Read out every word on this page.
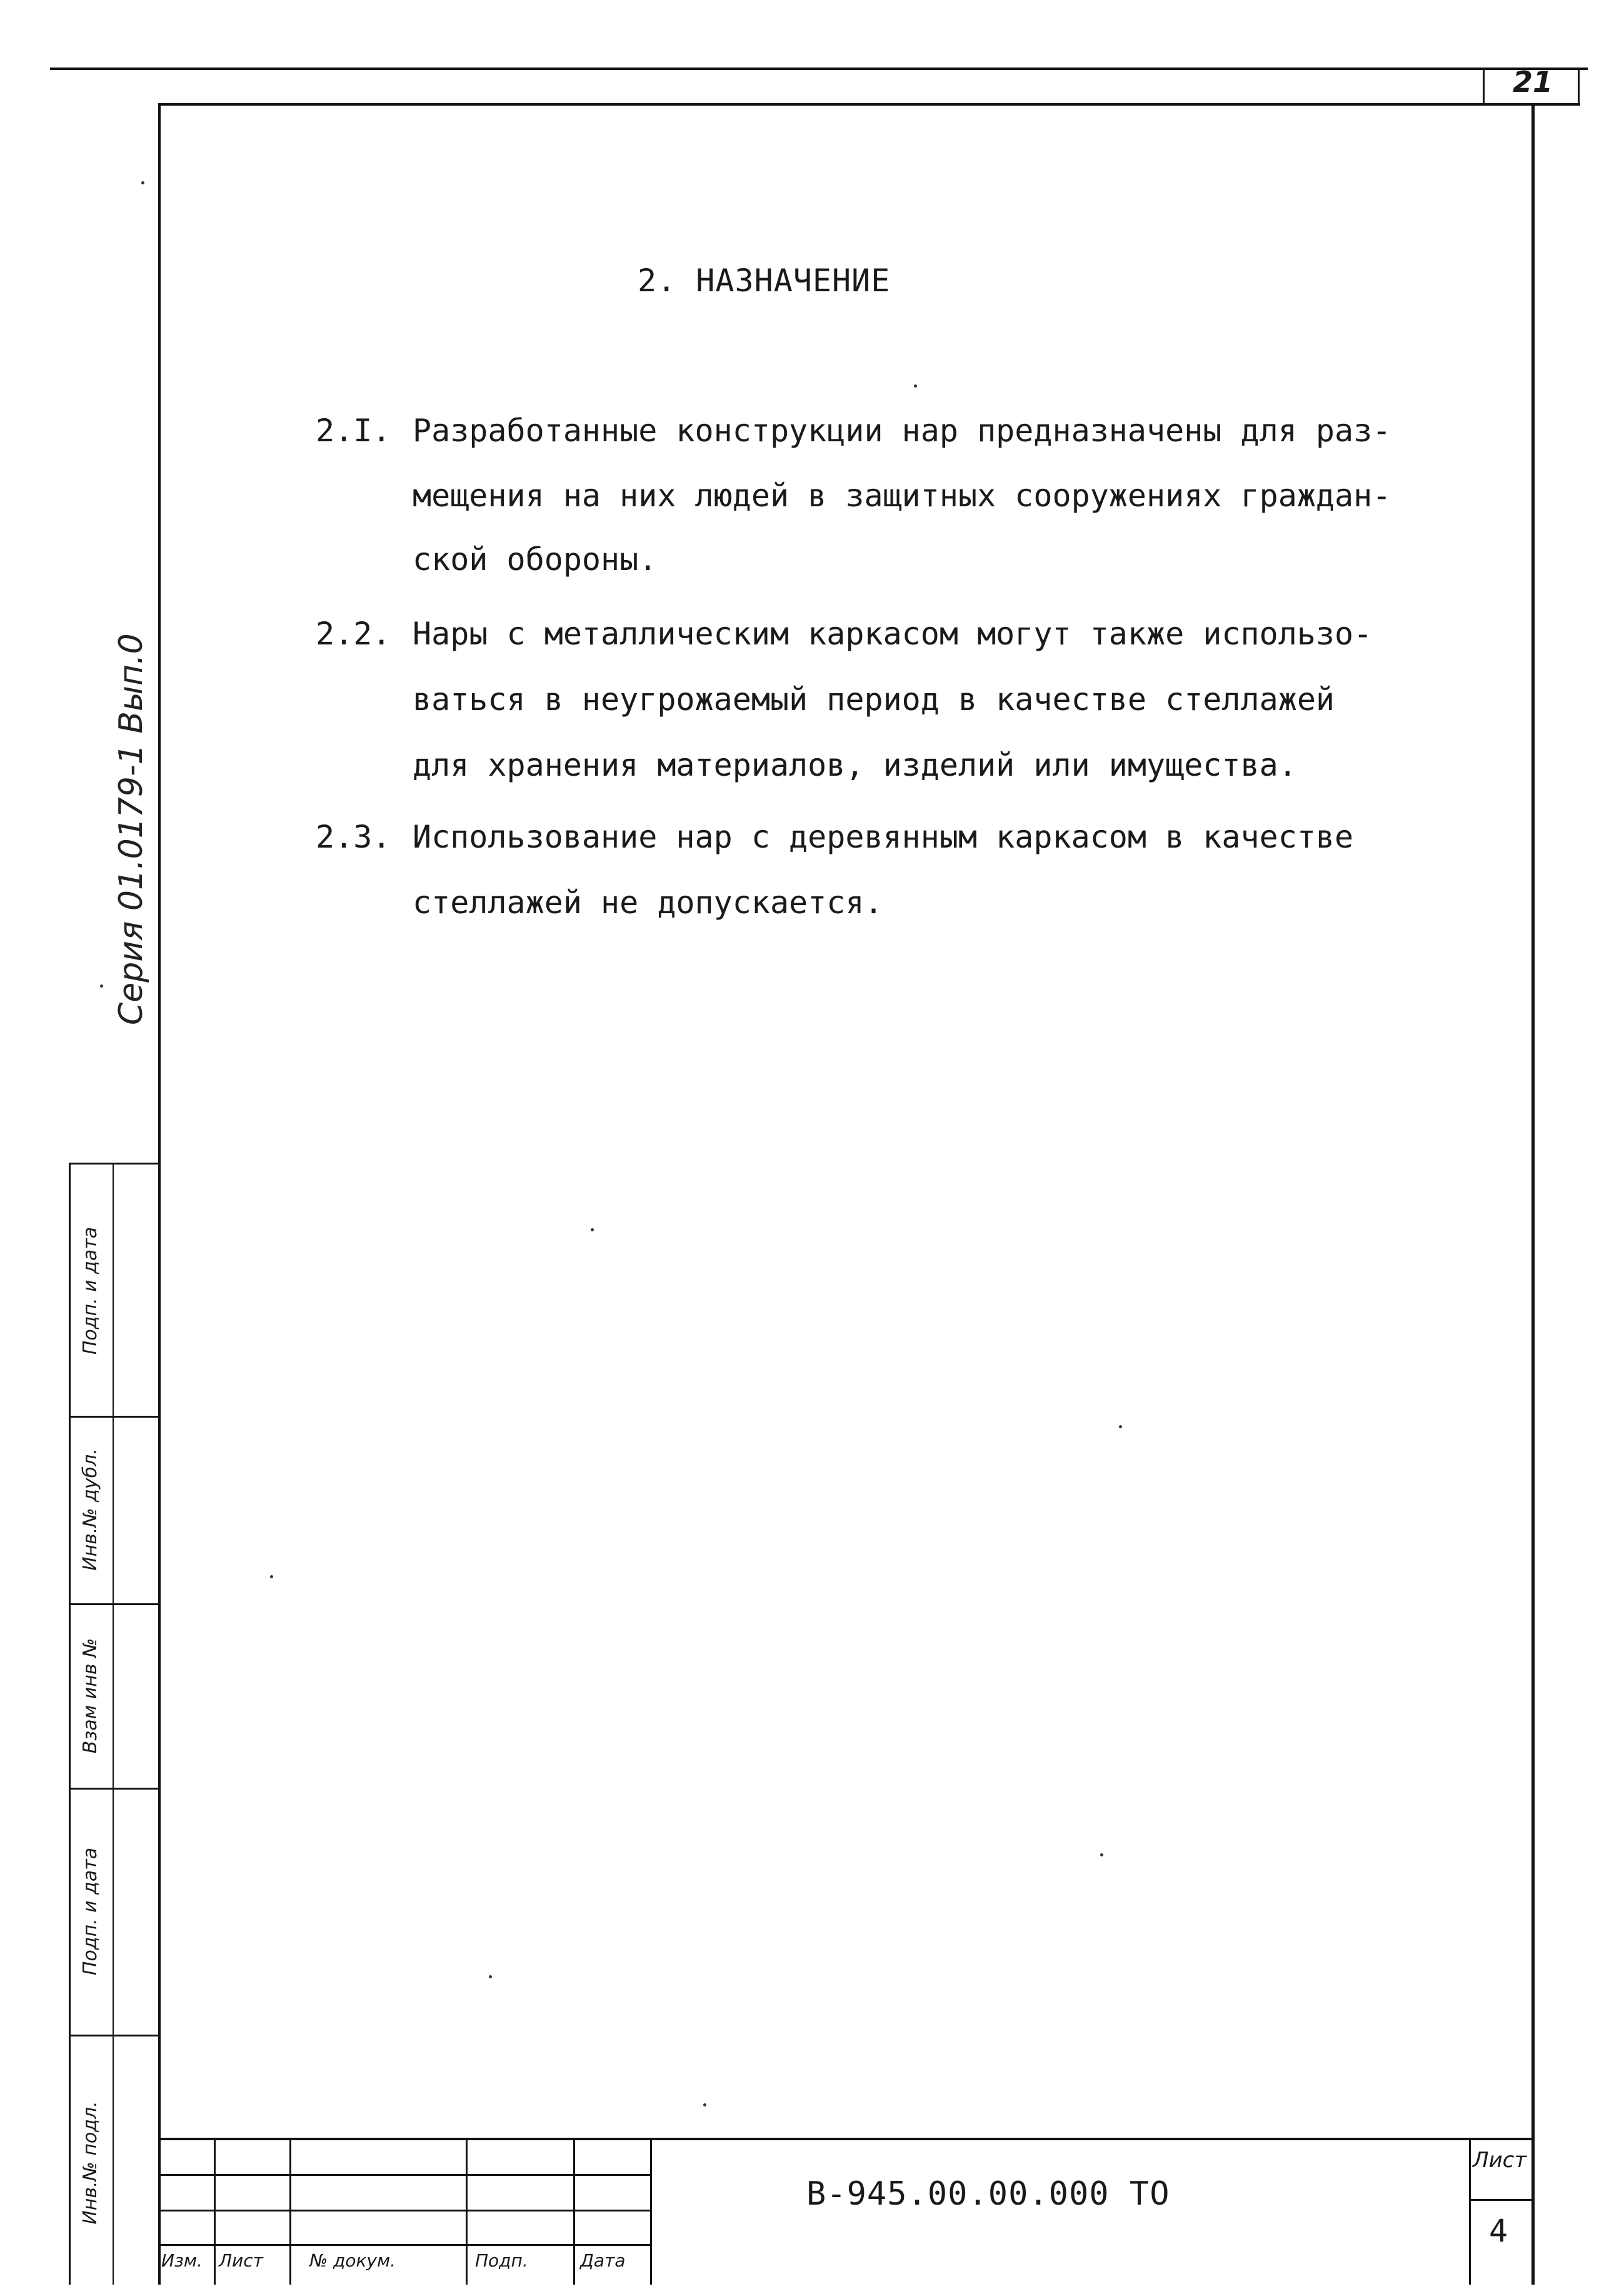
21
2. НАЗНАЧЕНИЕ
2.I. Разработанные конструкции нар предназначены для раз-
мещения на них людей в защитных сооружениях граждан-
ской обороны.
2.2. Нары с металлическим каркасом могут также использо-
ваться в неугрожаемый период в качестве стеллажей
для хранения материалов, изделий или имущества.
2.3. Использование нар с деревянным каркасом в качестве
стеллажей не допускается.
Серия 01.0179-1 Вып.0
Подп. и дата
Инв.№ дубл.
Взам инв №
Подп. и дата
Инв.№ подл.
Изм. Лист	№ докум.	Подп.	Дата
В-945.00.00.000 ТО
Лист
4
